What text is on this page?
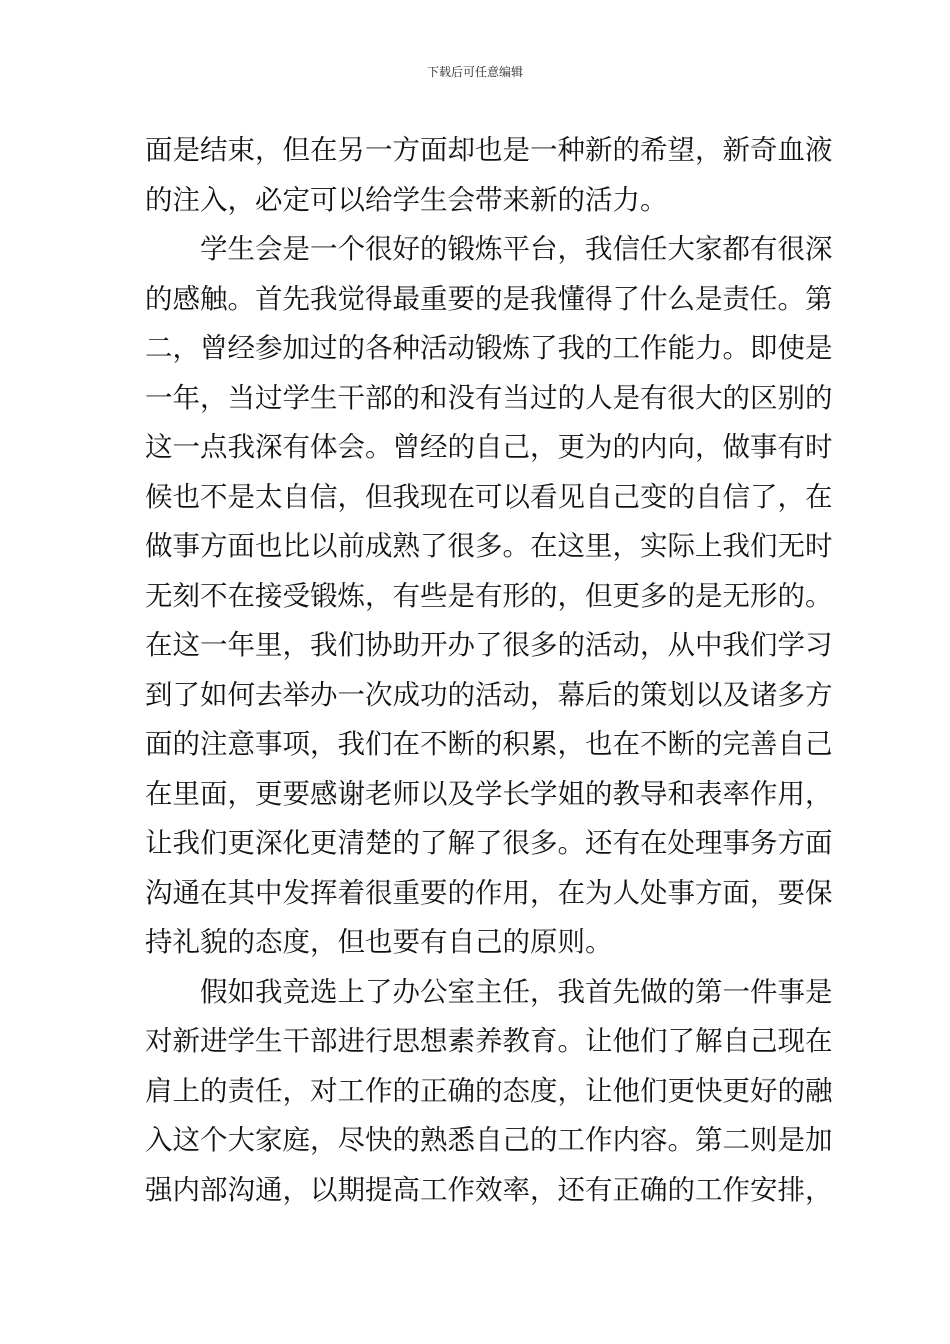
下载后可任意编辑
面是结束，但在另一方面却也是一种新的希望，新奇血液
的注入，必定可以给学生会带来新的活力。
学生会是一个很好的锻炼平台，我信任大家都有很深
的感触。首先我觉得最重要的是我懂得了什么是责任。第
二，曾经参加过的各种活动锻炼了我的工作能力。即使是
一年，当过学生干部的和没有当过的人是有很大的区别的
这一点我深有体会。曾经的自己，更为的内向，做事有时
候也不是太自信，但我现在可以看见自己变的自信了，在
做事方面也比以前成熟了很多。在这里，实际上我们无时
无刻不在接受锻炼，有些是有形的，但更多的是无形的。
在这一年里，我们协助开办了很多的活动，从中我们学习
到了如何去举办一次成功的活动，幕后的策划以及诸多方
面的注意事项，我们在不断的积累，也在不断的完善自己
在里面，更要感谢老师以及学长学姐的教导和表率作用，
让我们更深化更清楚的了解了很多。还有在处理事务方面
沟通在其中发挥着很重要的作用，在为人处事方面，要保
持礼貌的态度，但也要有自己的原则。
假如我竞选上了办公室主任，我首先做的第一件事是
对新进学生干部进行思想素养教育。让他们了解自己现在
肩上的责任，对工作的正确的态度，让他们更快更好的融
入这个大家庭，尽快的熟悉自己的工作内容。第二则是加
强内部沟通，以期提高工作效率，还有正确的工作安排，
